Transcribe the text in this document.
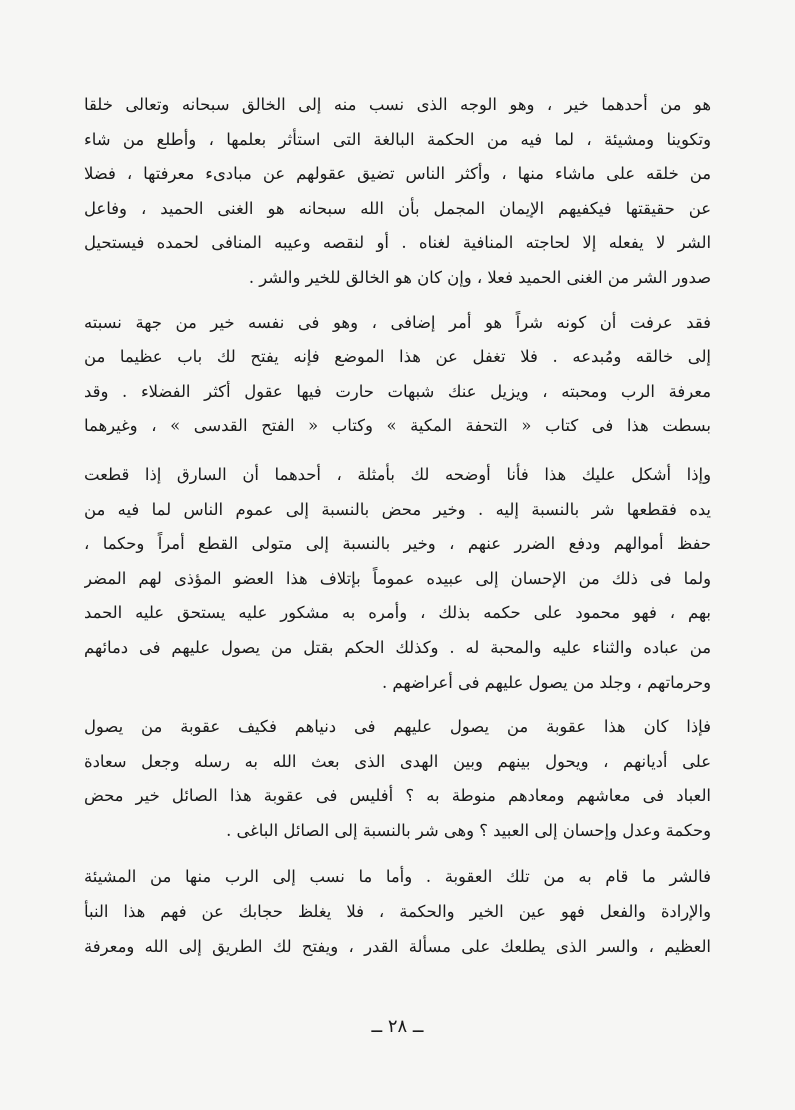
هو من أحدهما خير ، وهو الوجه الذى نسب منه إلى الخالق سبحانه وتعالى خلقا
وتكوينا ومشيئة ، لما فيه من الحكمة البالغة التى استأثر بعلمها ، وأطلع من شاء
من خلقه على ماشاء منها ، وأكثر الناس تضيق عقولهم عن مبادىء معرفتها ، فضلا
عن حقيقتها فيكفيهم الإيمان المجمل بأن الله سبحانه هو الغنى الحميد ، وفاعل
الشر لا يفعله إلا لحاجته المنافية لغناه . أو لنقصه وعيبه المنافى لحمده فيستحيل
صدور الشر من الغنى الحميد فعلا ، وإن كان هو الخالق للخير والشر .
فقد عرفت أن كونه شراً هو أمر إضافى ، وهو فى نفسه خير من جهة نسبته
إلى خالقه ومُبدعه . فلا تغفل عن هذا الموضع فإنه يفتح لك باب عظيما من
معرفة الرب ومحبته ، ويزيل عنك شبهات حارت فيها عقول أكثر الفضلاء . وقد
بسطت هذا فى كتاب « التحفة المكية » وكتاب « الفتح القدسى » ، وغيرهما
وإذا أشكل عليك هذا فأنا أوضحه لك بأمثلة ، أحدهما أن السارق إذا قطعت
يده فقطعها شر بالنسبة إليه . وخير محض بالنسبة إلى عموم الناس لما فيه من
حفظ أموالهم ودفع الضرر عنهم ، وخير بالنسبة إلى متولى القطع أمراً وحكما ،
ولما فى ذلك من الإحسان إلى عبيده عموماً بإتلاف هذا العضو المؤذى لهم المضر
بهم ، فهو محمود على حكمه بذلك ، وأمره به مشكور عليه يستحق عليه الحمد
من عباده والثناء عليه والمحبة له . وكذلك الحكم بقتل من يصول عليهم فى دمائهم
وحرماتهم ، وجلد من يصول عليهم فى أعراضهم .
فإذا كان هذا عقوبة من يصول عليهم فى دنياهم فكيف عقوبة من يصول
على أديانهم ، ويحول بينهم وبين الهدى الذى بعث الله به رسله وجعل سعادة
العباد فى معاشهم ومعادهم منوطة به ؟ أفليس فى عقوبة هذا الصائل خير محض
وحكمة وعدل وإحسان إلى العبيد ؟ وهى شر بالنسبة إلى الصائل الباغى .
فالشر ما قام به من تلك العقوبة . وأما ما نسب إلى الرب منها من المشيئة
والإرادة والفعل فهو عين الخير والحكمة ، فلا يغلظ حجابك عن فهم هذا النبأ
العظيم ، والسر الذى يطلعك على مسألة القدر ، ويفتح لك الطريق إلى الله ومعرفة
ــ ٢٨ ــ
